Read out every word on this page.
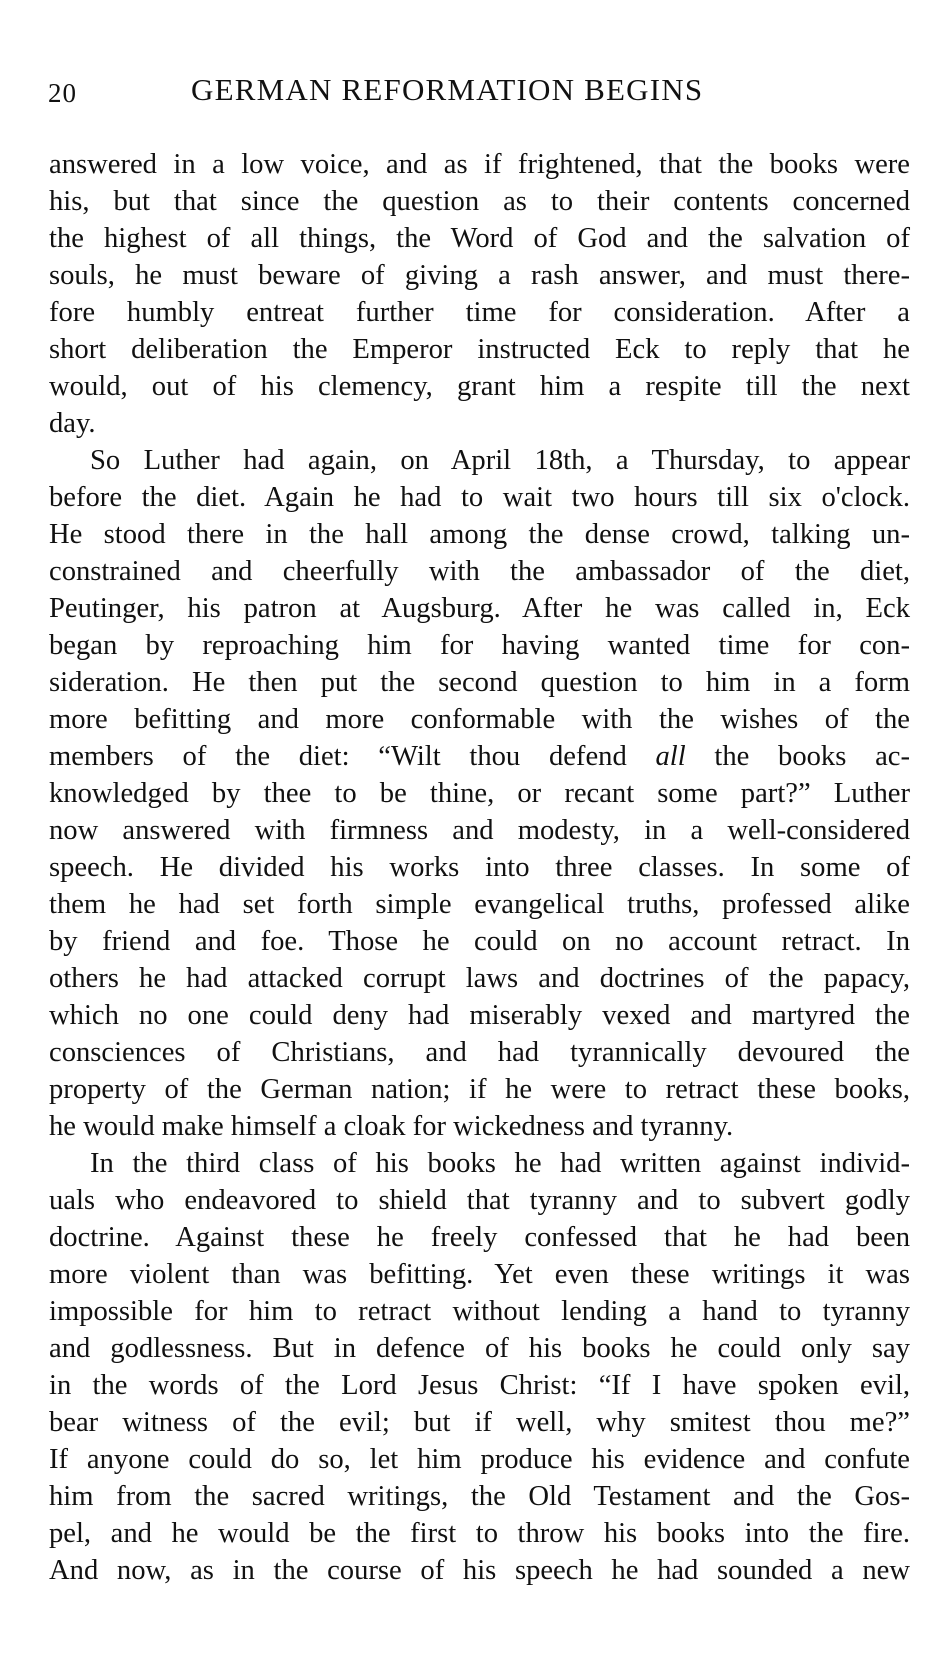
20	GERMAN REFORMATION BEGINS
answered in a low voice, and as if frightened, that the books were
his, but that since the question as to their contents concerned
the highest of all things, the Word of God and the salvation of
souls, he must beware of giving a rash answer, and must there-
fore humbly entreat further time for consideration. After a
short deliberation the Emperor instructed Eck to reply that he
would, out of his clemency, grant him a respite till the next
day.
So Luther had again, on April 18th, a Thursday, to appear
before the diet. Again he had to wait two hours till six o'clock.
He stood there in the hall among the dense crowd, talking un-
constrained and cheerfully with the ambassador of the diet,
Peutinger, his patron at Augsburg. After he was called in, Eck
began by reproaching him for having wanted time for con-
sideration. He then put the second question to him in a form
more befitting and more conformable with the wishes of the
members of the diet: “Wilt thou defend all the books ac-
knowledged by thee to be thine, or recant some part?” Luther
now answered with firmness and modesty, in a well-considered
speech. He divided his works into three classes. In some of
them he had set forth simple evangelical truths, professed alike
by friend and foe. Those he could on no account retract. In
others he had attacked corrupt laws and doctrines of the papacy,
which no one could deny had miserably vexed and martyred the
consciences of Christians, and had tyrannically devoured the
property of the German nation; if he were to retract these books,
he would make himself a cloak for wickedness and tyranny.
In the third class of his books he had written against individ-
uals who endeavored to shield that tyranny and to subvert godly
doctrine. Against these he freely confessed that he had been
more violent than was befitting. Yet even these writings it was
impossible for him to retract without lending a hand to tyranny
and godlessness. But in defence of his books he could only say
in the words of the Lord Jesus Christ: “If I have spoken evil,
bear witness of the evil; but if well, why smitest thou me?”
If anyone could do so, let him produce his evidence and confute
him from the sacred writings, the Old Testament and the Gos-
pel, and he would be the first to throw his books into the fire.
And now, as in the course of his speech he had sounded a new
